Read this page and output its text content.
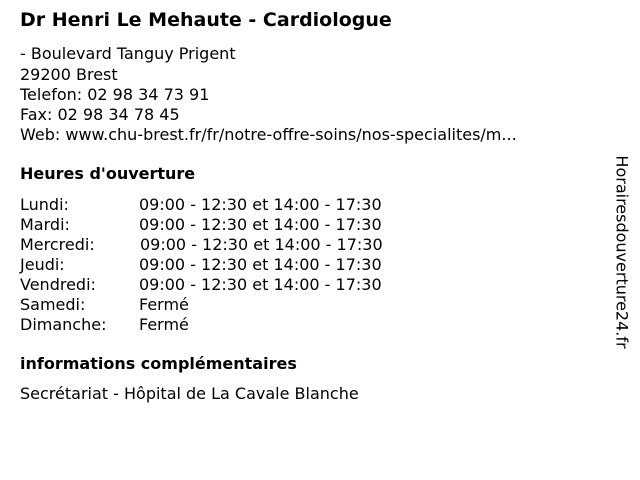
Dr Henri Le Mehaute - Cardiologue
- Boulevard Tanguy Prigent
29200 Brest
Telefon: 02 98 34 73 91
Fax: 02 98 34 78 45
Web: www.chu-brest.fr/fr/notre-offre-soins/nos-specialites/m...
Heures d'ouverture
Lundi:	09:00 - 12:30 et 14:00 - 17:30
Mardi:	09:00 - 12:30 et 14:00 - 17:30
Mercredi:	09:00 - 12:30 et 14:00 - 17:30
Jeudi:	09:00 - 12:30 et 14:00 - 17:30
Vendredi:	09:00 - 12:30 et 14:00 - 17:30
Samedi:	Fermé
Dimanche: Fermé
informations complémentaires
Secrétariat - Hôpital de La Cavale Blanche
Horairesdouverture24.fr
